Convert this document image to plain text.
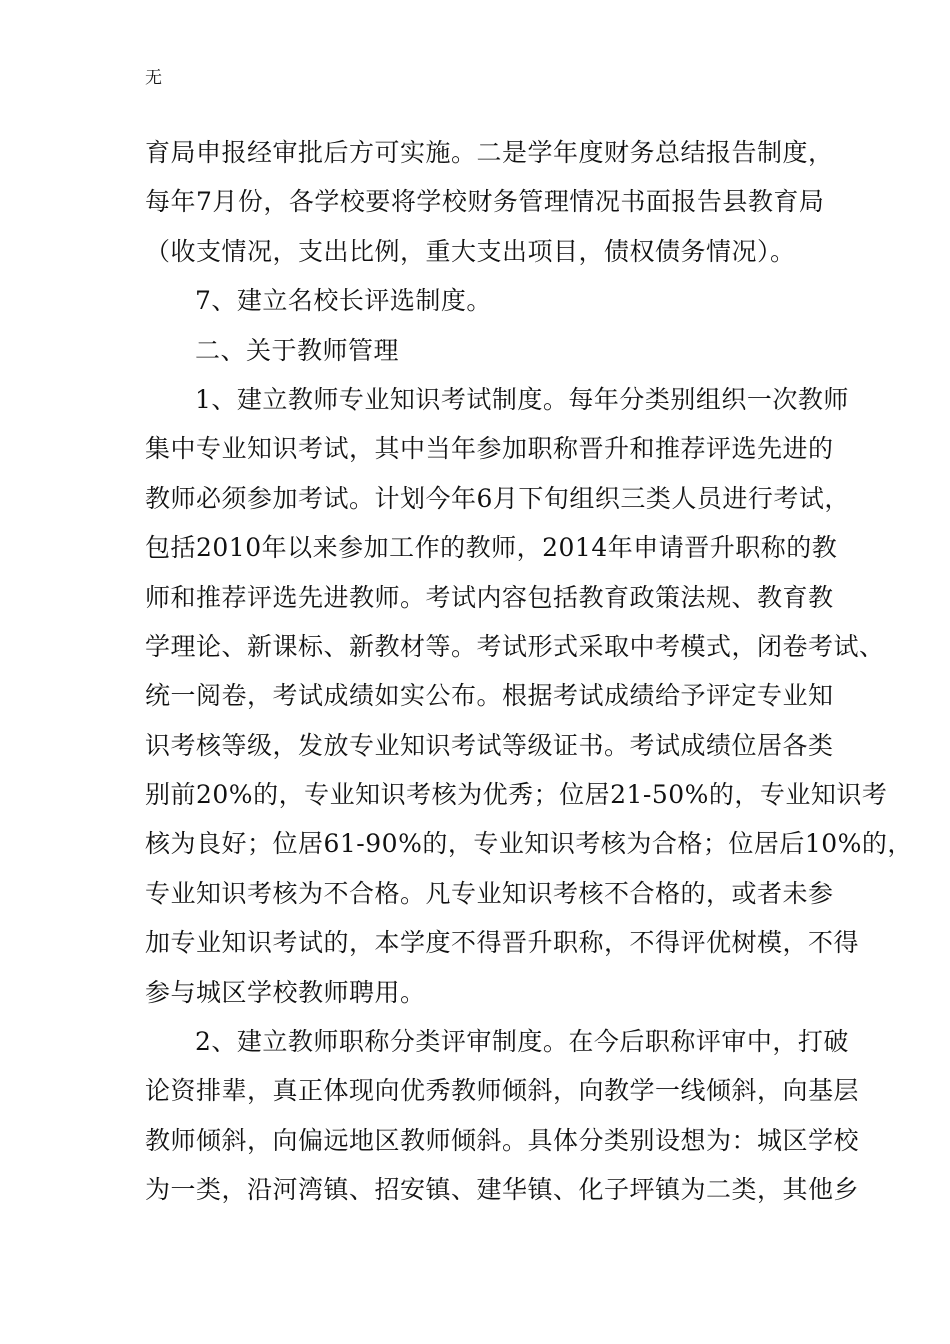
无
育局申报经审批后方可实施。二是学年度财务总结报告制度，
每年7月份，各学校要将学校财务管理情况书面报告县教育局
（收支情况，支出比例，重大支出项目，债权债务情况）。
7、建立名校长评选制度。
二、关于教师管理
1、建立教师专业知识考试制度。每年分类别组织一次教师
集中专业知识考试，其中当年参加职称晋升和推荐评选先进的
教师必须参加考试。计划今年6月下旬组织三类人员进行考试，
包括2010年以来参加工作的教师，2014年申请晋升职称的教
师和推荐评选先进教师。考试内容包括教育政策法规、教育教
学理论、新课标、新教材等。考试形式采取中考模式，闭卷考试、
统一阅卷，考试成绩如实公布。根据考试成绩给予评定专业知
识考核等级，发放专业知识考试等级证书。考试成绩位居各类
别前20%的，专业知识考核为优秀；位居21-50%的，专业知识考
核为良好；位居61-90%的，专业知识考核为合格；位居后10%的，
专业知识考核为不合格。凡专业知识考核不合格的，或者未参
加专业知识考试的，本学度不得晋升职称，不得评优树模，不得
参与城区学校教师聘用。
2、建立教师职称分类评审制度。在今后职称评审中，打破
论资排辈，真正体现向优秀教师倾斜，向教学一线倾斜，向基层
教师倾斜，向偏远地区教师倾斜。具体分类别设想为：城区学校
为一类，沿河湾镇、招安镇、建华镇、化子坪镇为二类，其他乡
